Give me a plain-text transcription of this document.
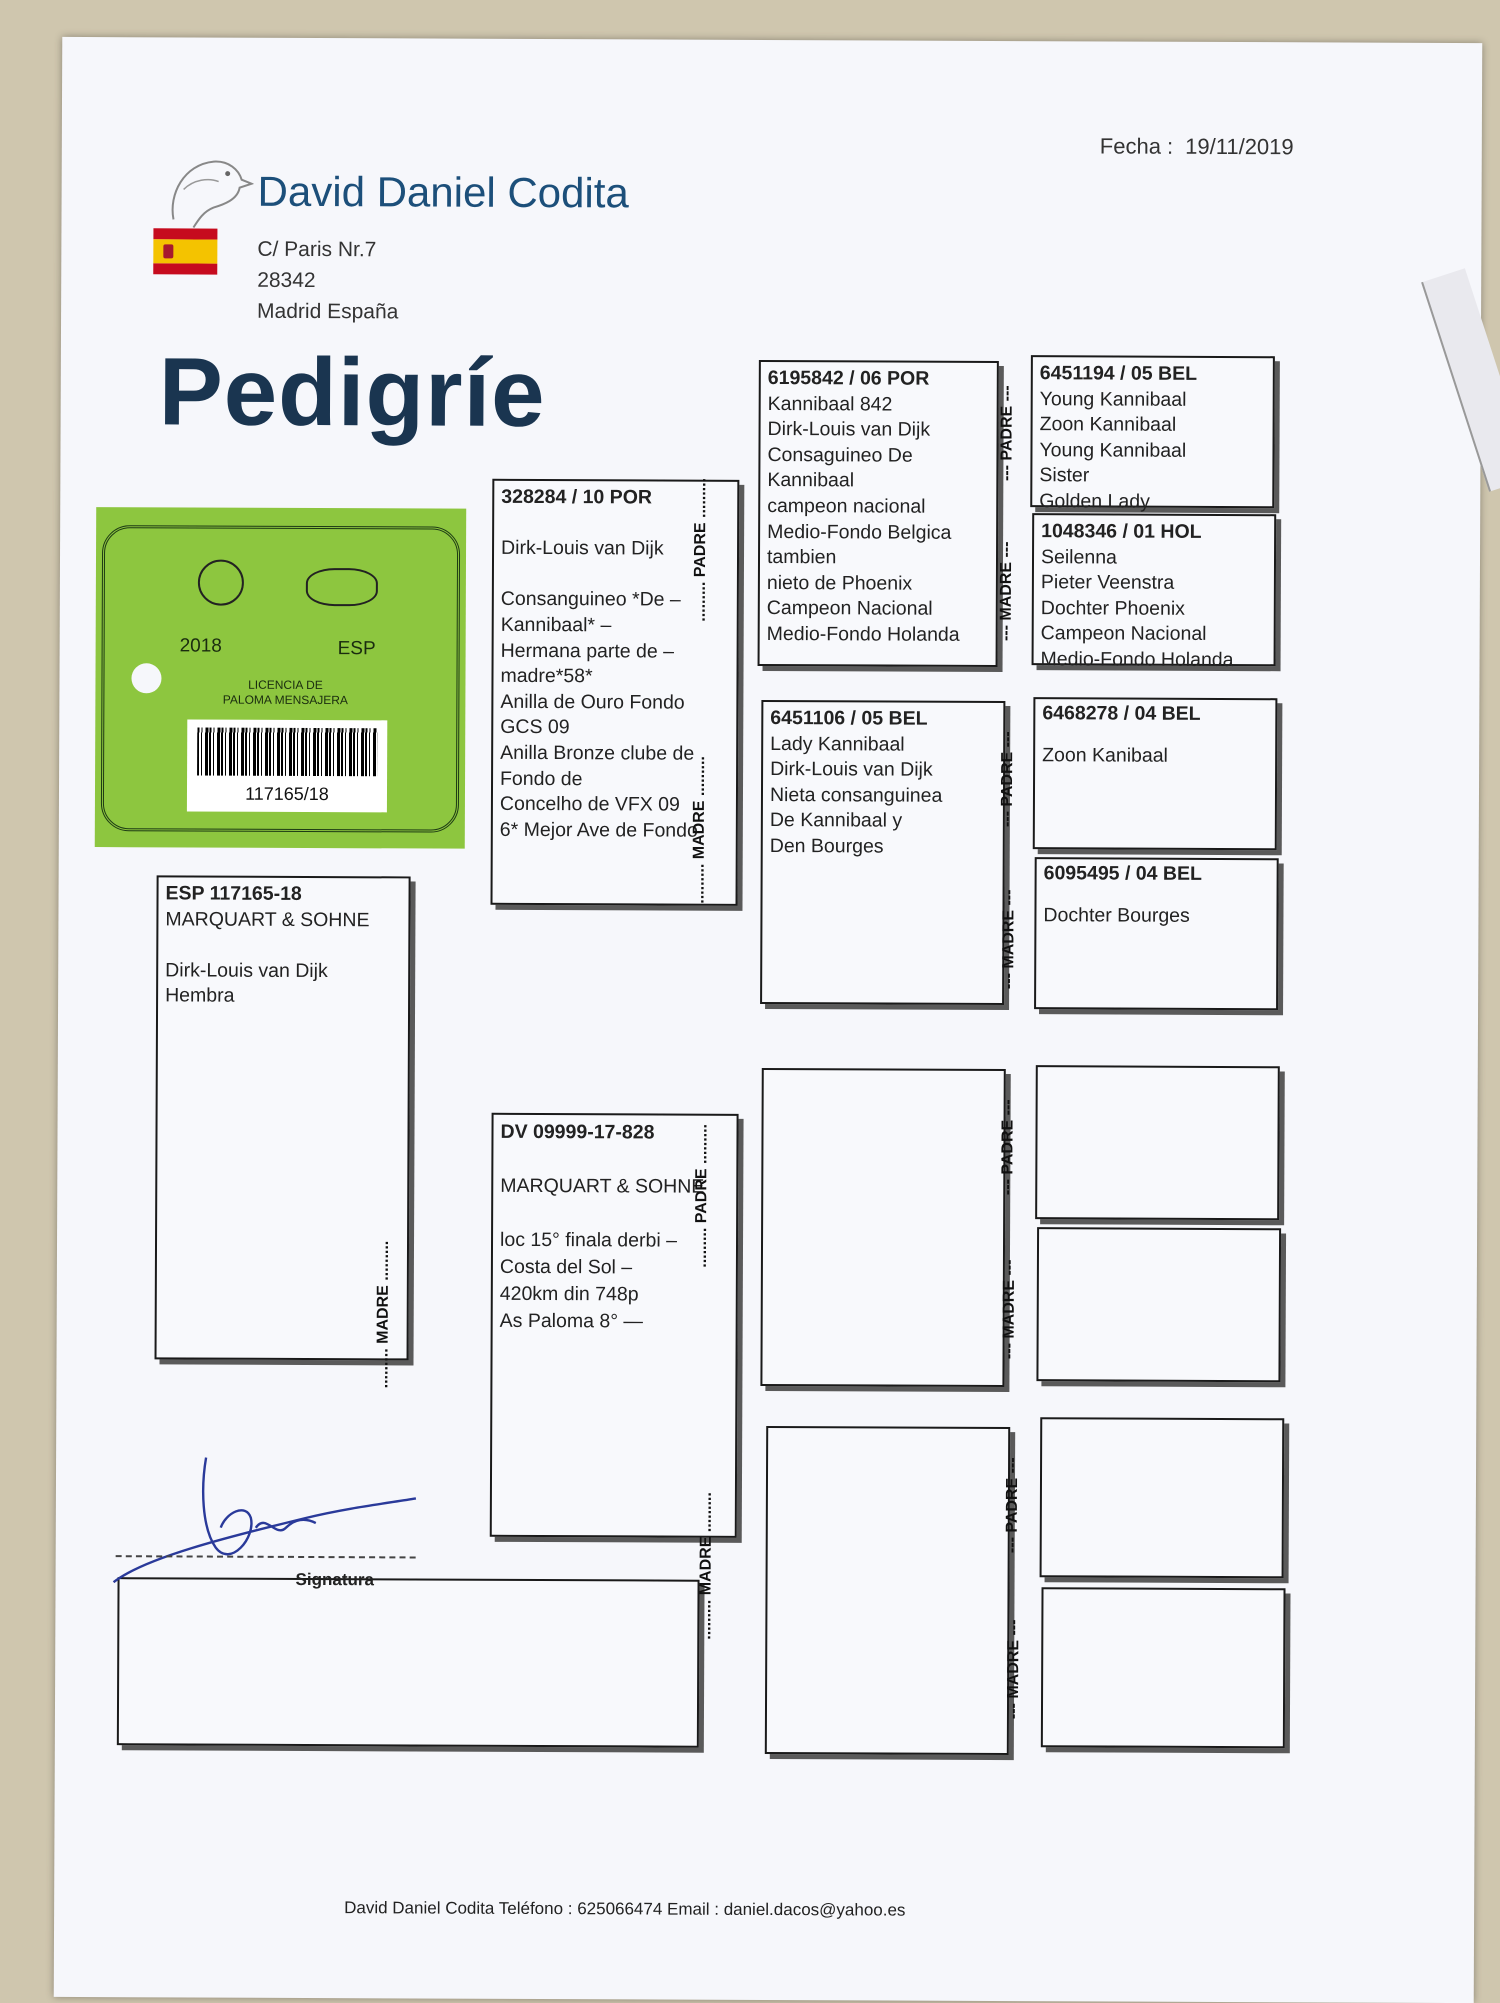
Fecha : 19/11/2019
David Daniel Codita
C/ Paris Nr.7
28342
Madrid España
Pedigríe
2018	ESP
LICENCIA DE
PALOMA MENSAJERA
117165/18
ESP 117165-18
MARQUART & SOHNE

Dirk-Louis van Dijk
Hembra
328284 / 10 POR

Dirk-Louis van Dijk

Consanguineo *De –
Kannibaal* –
Hermana parte de –
madre*58*
Anilla de Ouro Fondo
GCS 09
Anilla Bronze clube de
Fondo de
Concelho de VFX 09
6* Mejor Ave de Fondo
DV 09999-17-828

MARQUART & SOHNE

loc 15° finala derbi –
Costa del Sol –
420km din 748p
As Paloma 8° —
6195842 / 06 POR
Kannibaal 842
Dirk-Louis van Dijk
Consaguineo De
Kannibaal
campeon nacional
Medio-Fondo Belgica
tambien
nieto de Phoenix
Campeon Nacional
Medio-Fondo Holanda
6451106 / 05 BEL
Lady Kannibaal
Dirk-Louis van Dijk
Nieta consanguinea
De Kannibaal y
Den Bourges
6451194 / 05 BEL
Young Kannibaal
Zoon Kannibaal
Young Kannibaal
Sister
Golden Lady
1048346 / 01 HOL
Seilenna
Pieter Veenstra
Dochter Phoenix
Campeon Nacional
Medio-Fondo Holanda
6468278 / 04 BEL

Zoon Kanibaal
6095495 / 04 BEL

Dochter Bourges
......... PADRE .........
......... MADRE .........
--- PADRE ---
--- MADRE ---
--- PADRE ---
--- MADRE ---
......... MADRE .........
......... PADRE .........
......... MADRE .........
--- PADRE ---
--- MADRE ---
--- PADRE ---
--- MADRE ---
Signatura
David Daniel Codita Teléfono : 625066474 Email : daniel.dacos@yahoo.es
